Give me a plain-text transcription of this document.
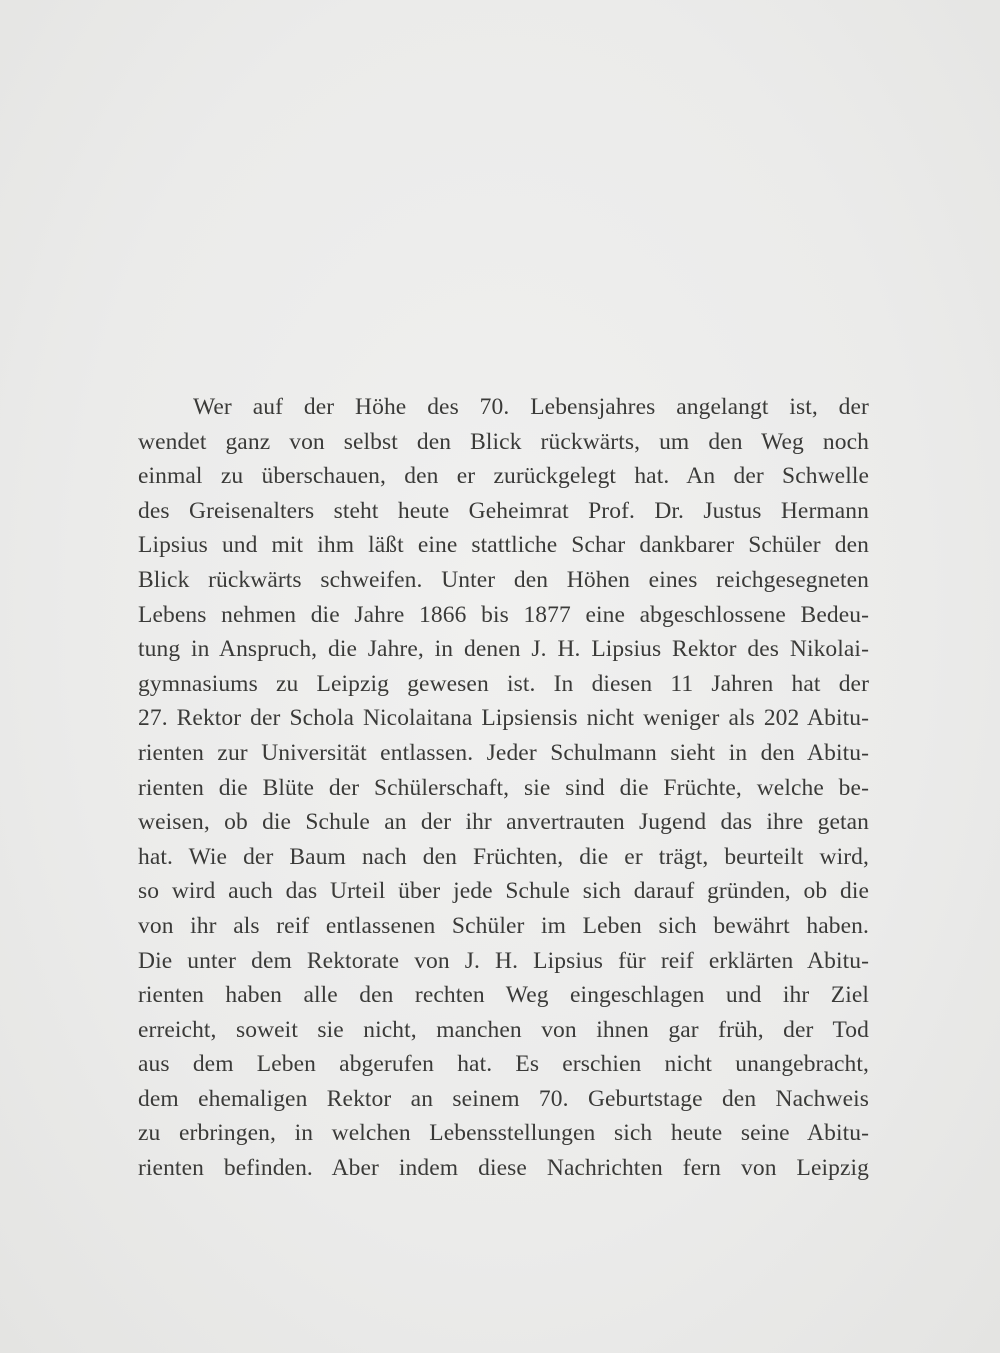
Wer auf der Höhe des 70. Lebensjahres angelangt ist, der
wendet ganz von selbst den Blick rückwärts, um den Weg noch
einmal zu überschauen, den er zurückgelegt hat. An der Schwelle
des Greisenalters steht heute Geheimrat Prof. Dr. Justus Hermann
Lipsius und mit ihm läßt eine stattliche Schar dankbarer Schüler den
Blick rückwärts schweifen. Unter den Höhen eines reichgesegneten
Lebens nehmen die Jahre 1866 bis 1877 eine abgeschlossene Bedeu-
tung in Anspruch, die Jahre, in denen J. H. Lipsius Rektor des Nikolai-
gymnasiums zu Leipzig gewesen ist. In diesen 11 Jahren hat der
27. Rektor der Schola Nicolaitana Lipsiensis nicht weniger als 202 Abitu-
rienten zur Universität entlassen. Jeder Schulmann sieht in den Abitu-
rienten die Blüte der Schülerschaft, sie sind die Früchte, welche be-
weisen, ob die Schule an der ihr anvertrauten Jugend das ihre getan
hat. Wie der Baum nach den Früchten, die er trägt, beurteilt wird,
so wird auch das Urteil über jede Schule sich darauf gründen, ob die
von ihr als reif entlassenen Schüler im Leben sich bewährt haben.
Die unter dem Rektorate von J. H. Lipsius für reif erklärten Abitu-
rienten haben alle den rechten Weg eingeschlagen und ihr Ziel
erreicht, soweit sie nicht, manchen von ihnen gar früh, der Tod
aus dem Leben abgerufen hat. Es erschien nicht unangebracht,
dem ehemaligen Rektor an seinem 70. Geburtstage den Nachweis
zu erbringen, in welchen Lebensstellungen sich heute seine Abitu-
rienten befinden. Aber indem diese Nachrichten fern von Leipzig
